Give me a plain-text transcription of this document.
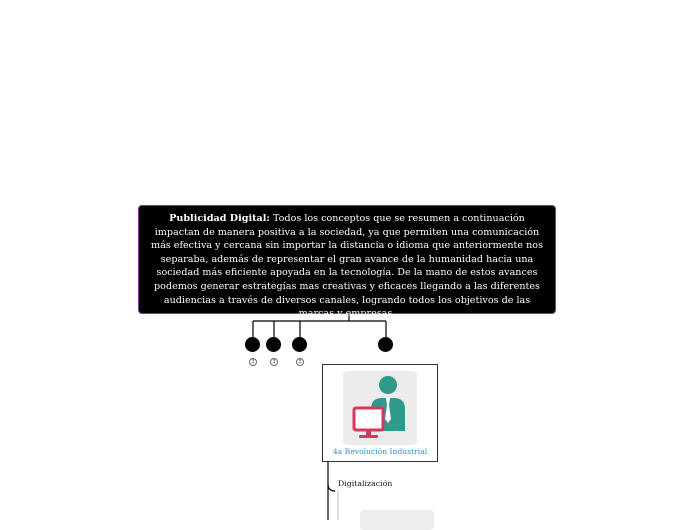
Publicidad Digital: Todos los conceptos que se resumen a continuación impactan de manera positiva a la sociedad, ya que permiten una comunicación más efectiva y cercana sin importar la distancia o idioma que anteriormente nos separaba, además de representar el gran avance de la humanidad hacia una sociedad más eficiente apoyada en la tecnología. De la mano de estos avances podemos generar estrategías mas creativas y eficaces llegando a las diferentes audiencias a través de diversos canales, logrando todos los objetivos de las marcas y empresas.
3	3	3
4a Revolución Industrial
Digitalización
